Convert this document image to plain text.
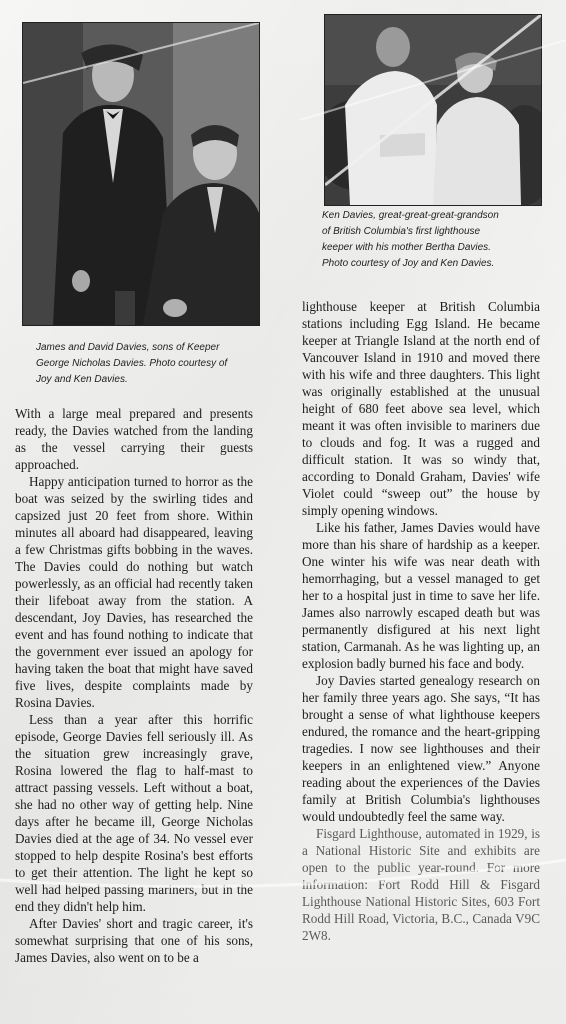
James and David Davies, sons of Keeper
George Nicholas Davies. Photo courtesy of
Joy and Ken Davies.
Ken Davies, great-great-great-grandson
of British Columbia's first lighthouse
keeper with his mother Bertha Davies.
Photo courtesy of Joy and Ken Davies.

With a large meal prepared and presents ready, the Davies watched from the landing as the vessel carrying their guests approached.

Happy anticipation turned to horror as the boat was seized by the swirling tides and capsized just 20 feet from shore. Within minutes all aboard had disappeared, leaving a few Christmas gifts bobbing in the waves. The Davies could do nothing but watch powerlessly, as an official had recently taken their lifeboat away from the station. A descendant, Joy Davies, has researched the event and has found nothing to indicate that the government ever issued an apology for having taken the boat that might have saved five lives, despite complaints made by Rosina Davies.

Less than a year after this horrific episode, George Davies fell seriously ill. As the situation grew increasingly grave, Rosina lowered the flag to half-mast to attract passing vessels. Left without a boat, she had no other way of getting help. Nine days after he became ill, George Nicholas Davies died at the age of 34. No vessel ever stopped to help despite Rosina's best efforts to get their attention. The light he kept so well had helped passing mariners, but in the end they didn't help him.

After Davies' short and tragic career, it's somewhat surprising that one of his sons, James Davies, also went on to be a

lighthouse keeper at British Columbia stations including Egg Island. He became keeper at Triangle Island at the north end of Vancouver Island in 1910 and moved there with his wife and three daughters. This light was originally established at the unusual height of 680 feet above sea level, which meant it was often invisible to mariners due to clouds and fog. It was a rugged and difficult station. It was so windy that, according to Donald Graham, Davies' wife Violet could “sweep out” the house by simply opening windows.

Like his father, James Davies would have more than his share of hardship as a keeper. One winter his wife was near death with hemorrhaging, but a vessel managed to get her to a hospital just in time to save her life. James also narrowly escaped death but was permanently disfigured at his next light station, Carmanah. As he was lighting up, an explosion badly burned his face and body.

Joy Davies started genealogy research on her family three years ago. She says, “It has brought a sense of what lighthouse keepers endured, the romance and the heart-gripping tragedies. I now see lighthouses and their keepers in an enlightened view.” Anyone reading about the experiences of the Davies family at British Columbia's lighthouses would undoubtedly feel the same way.

Fisgard Lighthouse, automated in 1929, is a National Historic Site and exhibits are open to the public year-round. For more information: Fort Rodd Hill & Fisgard Lighthouse National Historic Sites, 603 Fort Rodd Hill Road, Victoria, B.C., Canada V9C 2W8.
